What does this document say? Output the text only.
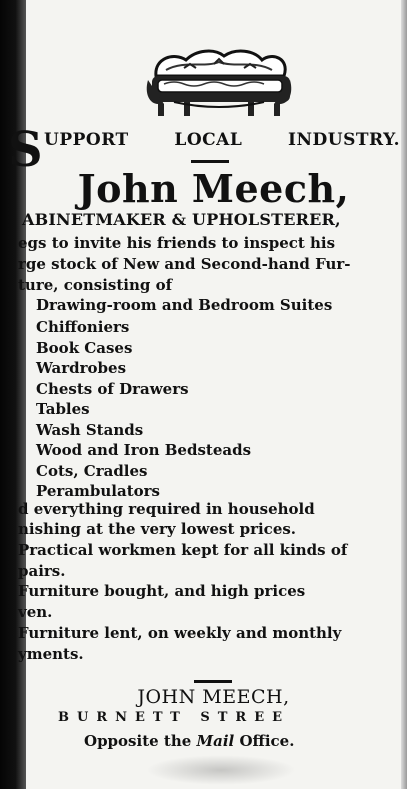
S UPPORT	LOCAL	INDUSTRY.
John Meech,
ABINETMAKER & UPHOLSTERER,
egs to invite his friends to inspect his
rge stock of New and Second-hand Fur-
ture, consisting of
Drawing-room and Bedroom Suites
Chiffoniers
Book Cases
Wardrobes
Chests of Drawers
Tables
Wash Stands
Wood and Iron Bedsteads
Cots, Cradles
Perambulators
d everything required in household
nishing at the very lowest prices.
Practical workmen kept for all kinds of
pairs.
Furniture bought, and high prices
ven.
Furniture lent, on weekly and monthly
yments.
JOHN MEECH,
BURNETT STREE
Opposite the Mail Office.
